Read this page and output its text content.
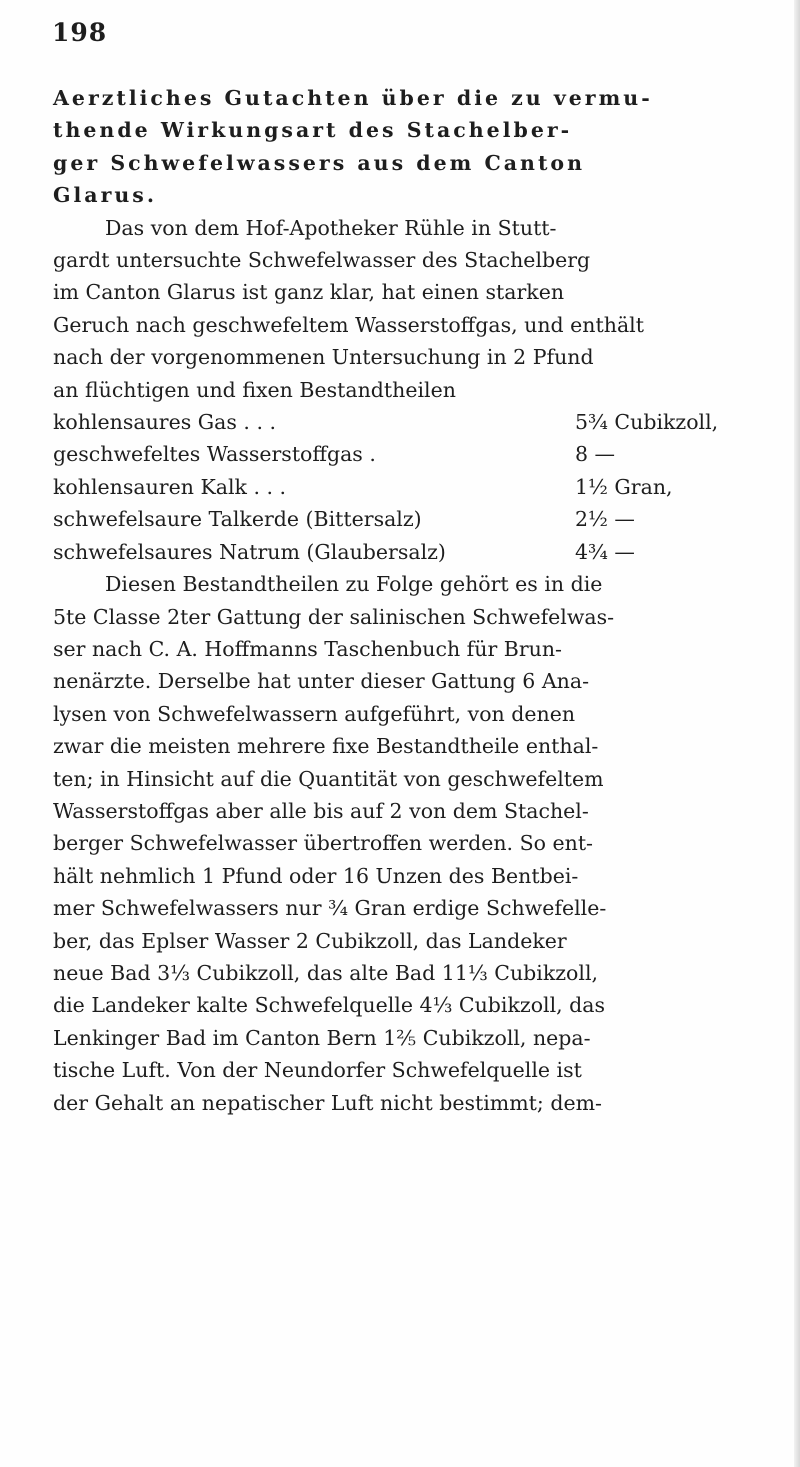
198
Aerztliches Gutachten über die zu vermu-
thende Wirkungsart des Stachelber-
ger Schwefelwassers aus dem Canton
Glarus.
Das von dem Hof-Apotheker Rühle in Stutt-
gardt untersuchte Schwefelwasser des Stachelberg
im Canton Glarus ist ganz klar, hat einen starken
Geruch nach geschwefeltem Wasserstoffgas, und enthält
nach der vorgenommenen Untersuchung in 2 Pfund
an flüchtigen und fixen Bestandtheilen
kohlensaures Gas . . .	5¾ Cubikzoll,
geschwefeltes Wasserstoffgas .	8 —
kohlensauren Kalk . . .	1½ Gran,
schwefelsaure Talkerde (Bittersalz)	2½ —
schwefelsaures Natrum (Glaubersalz)	4¾ —
Diesen Bestandtheilen zu Folge gehört es in die
5te Classe 2ter Gattung der salinischen Schwefelwas-
ser nach C. A. Hoffmanns Taschenbuch für Brun-
nenärzte. Derselbe hat unter dieser Gattung 6 Ana-
lysen von Schwefelwassern aufgeführt, von denen
zwar die meisten mehrere fixe Bestandtheile enthal-
ten; in Hinsicht auf die Quantität von geschwefeltem
Wasserstoffgas aber alle bis auf 2 von dem Stachel-
berger Schwefelwasser übertroffen werden. So ent-
hält nehmlich 1 Pfund oder 16 Unzen des Bentbei-
mer Schwefelwassers nur ¾ Gran erdige Schwefelle-
ber, das Eplser Wasser 2 Cubikzoll, das Landeker
neue Bad 3⅓ Cubikzoll, das alte Bad 11⅓ Cubikzoll,
die Landeker kalte Schwefelquelle 4⅓ Cubikzoll, das
Lenkinger Bad im Canton Bern 1⅖ Cubikzoll, nepa-
tische Luft. Von der Neundorfer Schwefelquelle ist
der Gehalt an nepatischer Luft nicht bestimmt; dem-
